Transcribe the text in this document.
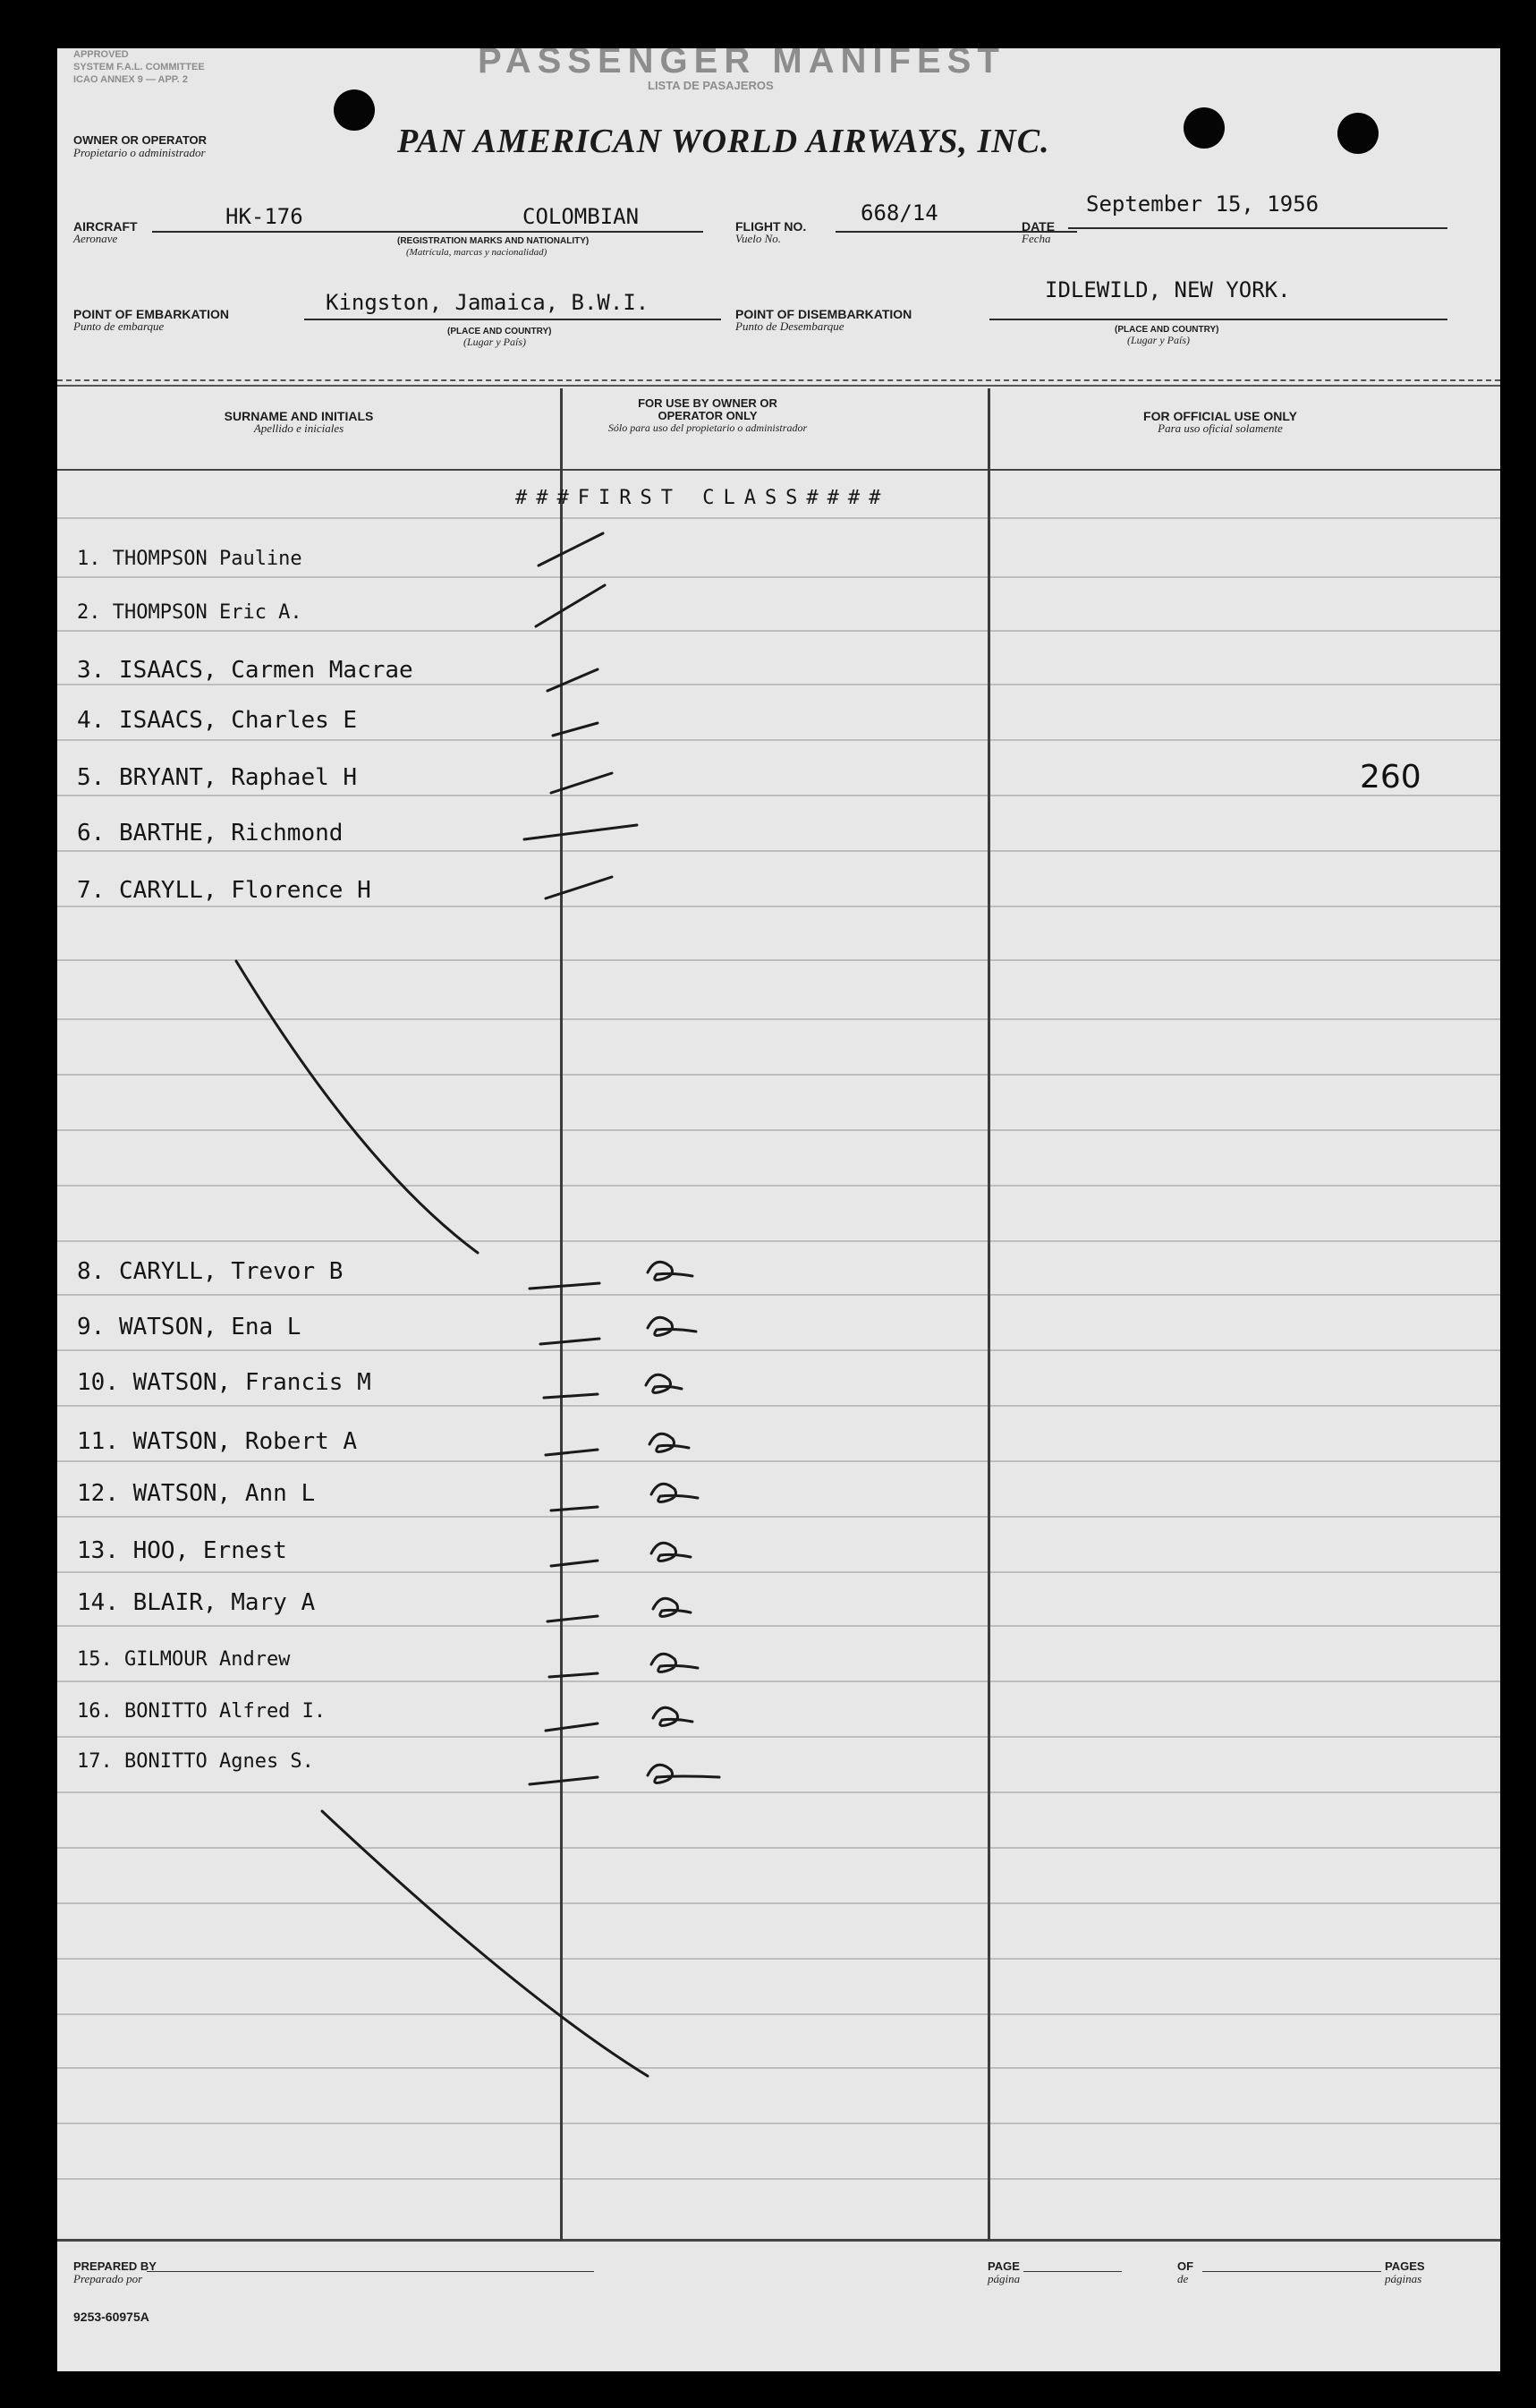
APPROVED
SYSTEM F.A.L. COMMITTEE
ICAO ANNEX 9 — APP. 2	PASSENGER MANIFEST
LISTA DE PASAJEROS
OWNER OR OPERATOR
Propietario o administrador	PAN AMERICAN WORLD AIRWAYS, INC.
AIRCRAFT
Aeronave
HK-176	COLOMBIAN
(REGISTRATION MARKS AND NATIONALITY)
(Matrícula, marcas y nacionalidad)
FLIGHT NO.
Vuelo No.
668/14
DATE
Fecha
September 15, 1956
POINT OF EMBARKATION
Punto de embarque
Kingston, Jamaica, B.W.I.
(PLACE AND COUNTRY)
(Lugar y País)
POINT OF DISEMBARKATION
Punto de Desembarque
IDLEWILD, NEW YORK.
(PLACE AND COUNTRY)
(Lugar y País)
SURNAME AND INITIALS
Apellido e iniciales
FOR USE BY OWNER OR OPERATOR ONLY
Sólo para uso del propietario o administrador
FOR OFFICIAL USE ONLY
Para uso oficial solamente
###FIRST CLASS####
1. THOMPSON Pauline
2. THOMPSON Eric A.
3. ISAACS, Carmen Macrae
4. ISAACS, Charles E
5. BRYANT, Raphael H
6. BARTHE, Richmond
7. CARYLL, Florence H
260
8. CARYLL, Trevor B
9. WATSON, Ena L
10. WATSON, Francis M
11. WATSON, Robert A
12. WATSON, Ann L
13. HOO, Ernest
14. BLAIR, Mary A
15. GILMOUR Andrew
16. BONITTO Alfred I.
17. BONITTO Agnes S.
PREPARED BY
Preparado por
PAGE
página
OF
de
PAGES
páginas
9253-60975A
